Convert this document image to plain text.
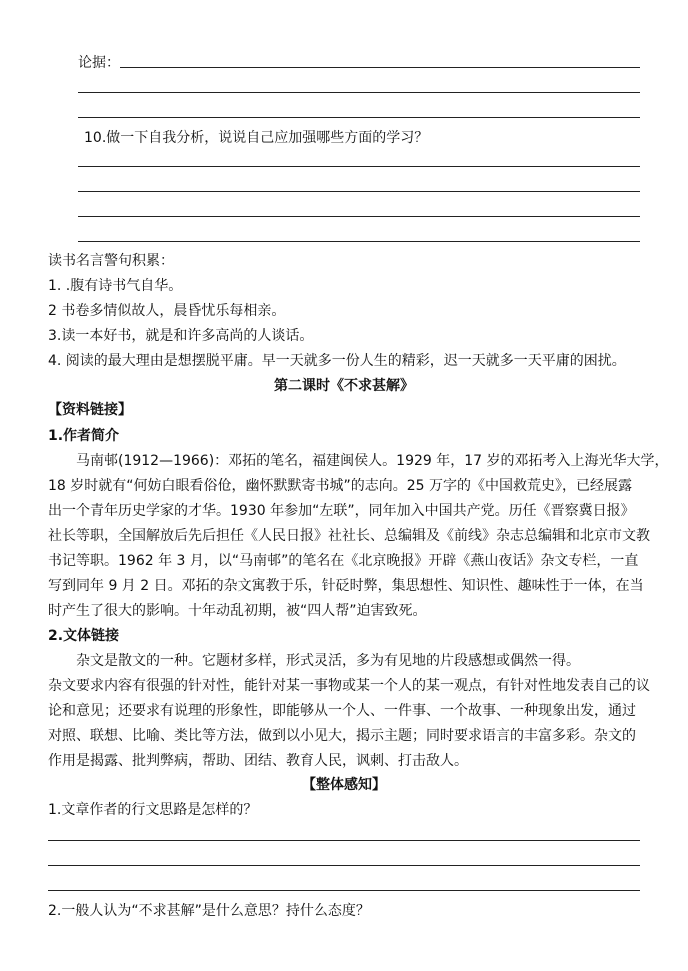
论据：
10.做一下自我分析，说说自己应加强哪些方面的学习？
读书名言警句积累：
1. .腹有诗书气自华。
2 书卷多情似故人，晨昏忧乐每相亲。
3.读一本好书，就是和许多高尚的人谈话。
4. 阅读的最大理由是想摆脱平庸。早一天就多一份人生的精彩，迟一天就多一天平庸的困扰。
第二课时《不求甚解》
【资料链接】
1.作者简介
马南邨(1912—1966)：邓拓的笔名，福建闽侯人。1929 年，17 岁的邓拓考入上海光华大学，
18 岁时就有“何妨白眼看俗伧，幽怀默默寄书城”的志向。25 万字的《中国救荒史》，已经展露
出一个青年历史学家的才华。1930 年参加“左联”，同年加入中国共产党。历任《晋察冀日报》
社长等职，全国解放后先后担任《人民日报》社社长、总编辑及《前线》杂志总编辑和北京市文教
书记等职。1962 年 3 月，以“马南邨”的笔名在《北京晚报》开辟《燕山夜话》杂文专栏，一直
写到同年 9 月 2 日。邓拓的杂文寓教于乐，针砭时弊，集思想性、知识性、趣味性于一体，在当
时产生了很大的影响。十年动乱初期，被“四人帮”迫害致死。
2.文体链接
杂文是散文的一种。它题材多样，形式灵活，多为有见地的片段感想或偶然一得。
杂文要求内容有很强的针对性，能针对某一事物或某一个人的某一观点，有针对性地发表自己的议
论和意见；还要求有说理的形象性，即能够从一个人、一件事、一个故事、一种现象出发，通过
对照、联想、比喻、类比等方法，做到以小见大，揭示主题；同时要求语言的丰富多彩。杂文的
作用是揭露、批判弊病，帮助、团结、教育人民，讽刺、打击敌人。
【整体感知】
1.文章作者的行文思路是怎样的？
2.一般人认为“不求甚解”是什么意思？持什么态度？
